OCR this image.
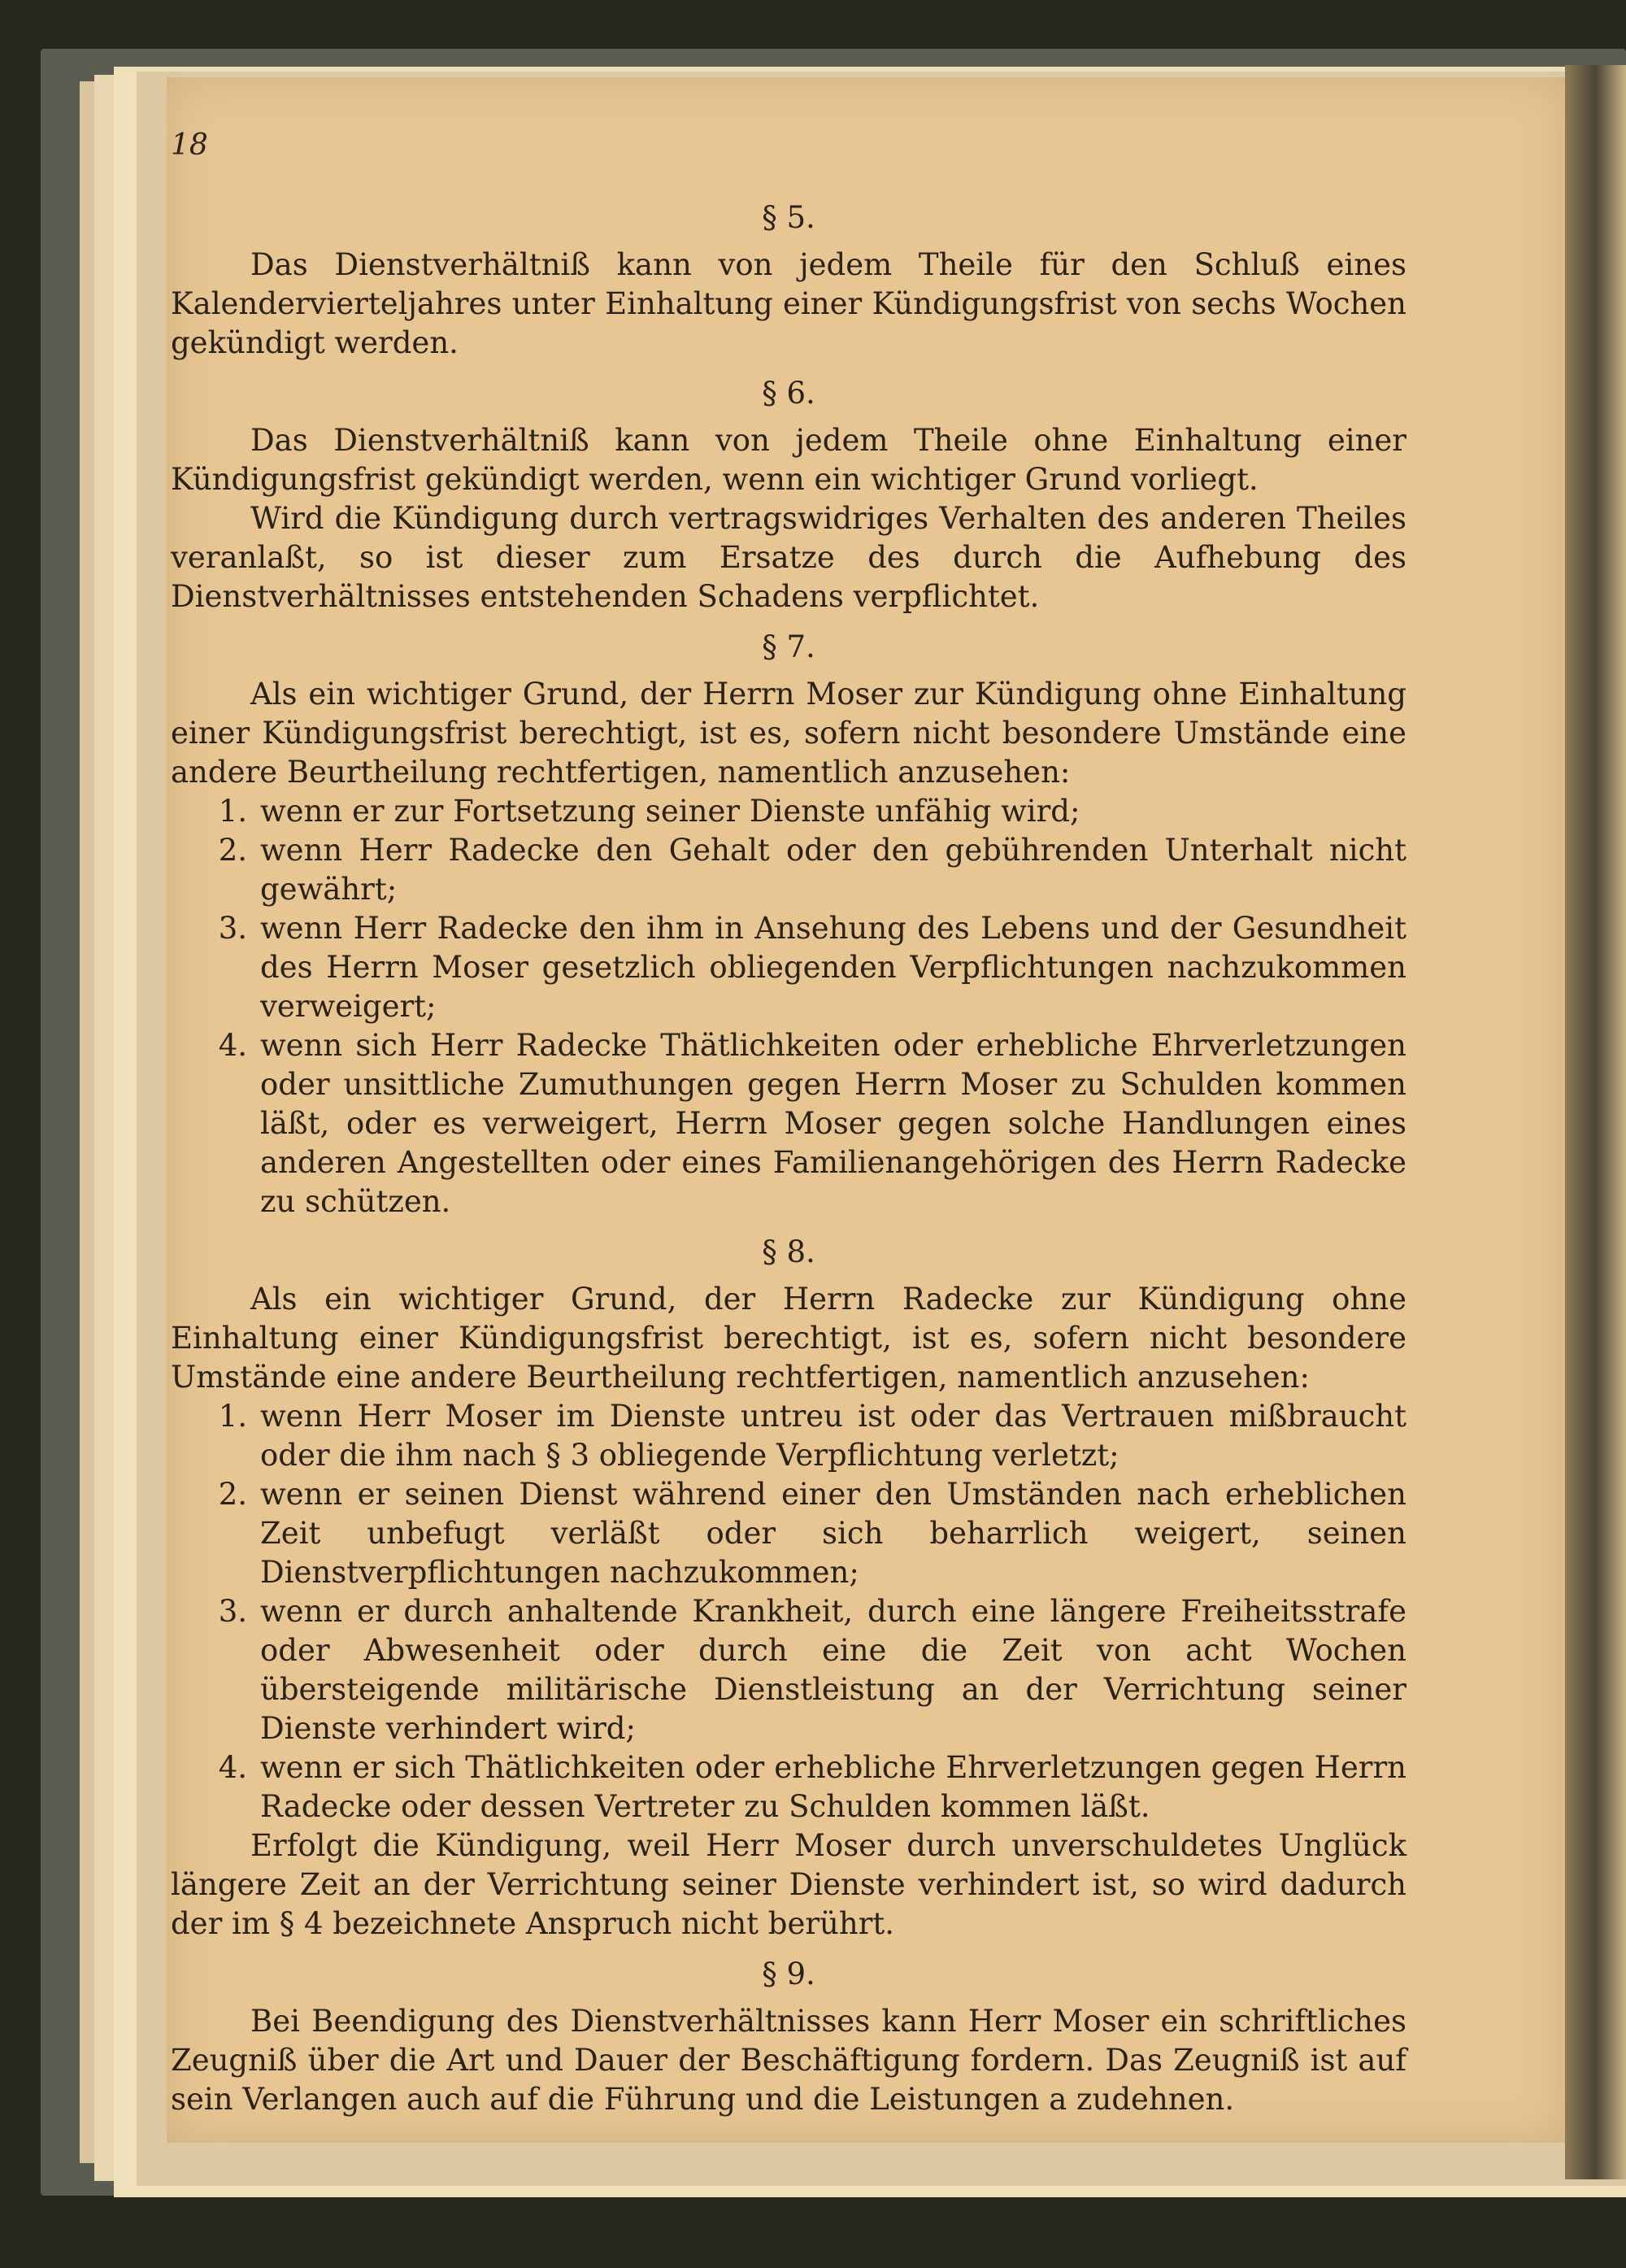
18
§ 5.

Das Dienstverhältniß kann von jedem Theile für den Schluß eines Kalendervierteljahres unter Einhaltung einer Kündigungsfrist von sechs Wochen gekündigt werden.

§ 6.

Das Dienstverhältniß kann von jedem Theile ohne Einhaltung einer Kündigungsfrist gekündigt werden, wenn ein wichtiger Grund vorliegt.

Wird die Kündigung durch vertragswidriges Verhalten des anderen Theiles veranlaßt, so ist dieser zum Ersatze des durch die Aufhebung des Dienstverhältnisses entstehenden Schadens verpflichtet.

§ 7.

Als ein wichtiger Grund, der Herrn Moser zur Kündigung ohne Einhaltung einer Kündigungsfrist berechtigt, ist es, sofern nicht besondere Umstände eine andere Beurtheilung rechtfertigen, namentlich anzusehen:

1. wenn er zur Fortsetzung seiner Dienste unfähig wird;
2. wenn Herr Radecke den Gehalt oder den gebührenden Unterhalt nicht gewährt;
3. wenn Herr Radecke den ihm in Ansehung des Lebens und der Gesundheit des Herrn Moser gesetzlich obliegenden Verpflichtungen nachzukommen verweigert;
4. wenn sich Herr Radecke Thätlichkeiten oder erhebliche Ehrverletzungen oder unsittliche Zumuthungen gegen Herrn Moser zu Schulden kommen läßt, oder es verweigert, Herrn Moser gegen solche Handlungen eines anderen Angestellten oder eines Familienangehörigen des Herrn Radecke zu schützen.
§ 8.

Als ein wichtiger Grund, der Herrn Radecke zur Kündigung ohne Einhaltung einer Kündigungsfrist berechtigt, ist es, sofern nicht besondere Umstände eine andere Beurtheilung rechtfertigen, namentlich anzusehen:

1. wenn Herr Moser im Dienste untreu ist oder das Vertrauen mißbraucht oder die ihm nach § 3 obliegende Verpflichtung verletzt;
2. wenn er seinen Dienst während einer den Umständen nach erheblichen Zeit unbefugt verläßt oder sich beharrlich weigert, seinen Dienstverpflichtungen nachzukommen;
3. wenn er durch anhaltende Krankheit, durch eine längere Freiheitsstrafe oder Abwesenheit oder durch eine die Zeit von acht Wochen übersteigende militärische Dienstleistung an der Verrichtung seiner Dienste verhindert wird;
4. wenn er sich Thätlichkeiten oder erhebliche Ehrverletzungen gegen Herrn Radecke oder dessen Vertreter zu Schulden kommen läßt.

Erfolgt die Kündigung, weil Herr Moser durch unverschuldetes Unglück längere Zeit an der Verrichtung seiner Dienste verhindert ist, so wird dadurch der im § 4 bezeichnete Anspruch nicht berührt.

§ 9.

Bei Beendigung des Dienstverhältnisses kann Herr Moser ein schriftliches Zeugniß über die Art und Dauer der Beschäftigung fordern. Das Zeugniß ist auf sein Verlangen auch auf die Führung und die Leistungen a zudehnen.
